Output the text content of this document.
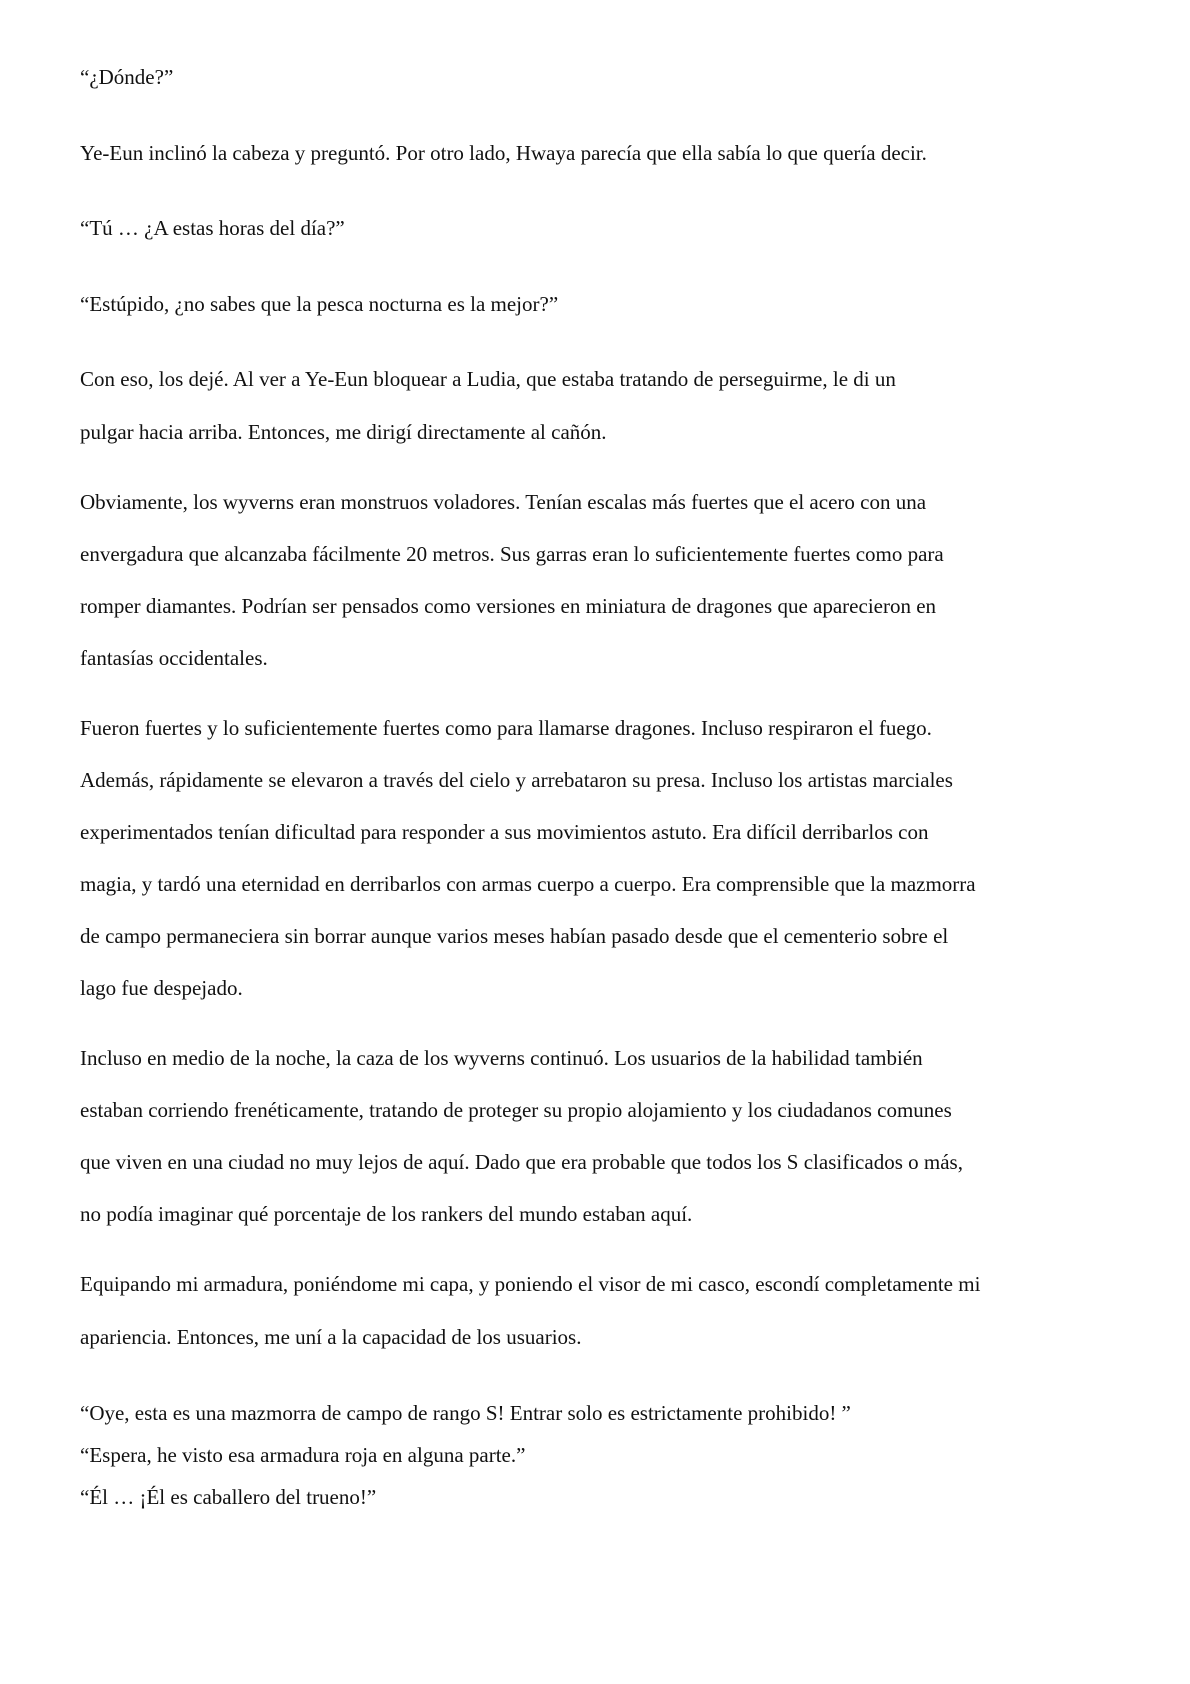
“¿Dónde?”
Ye-Eun inclinó la cabeza y preguntó. Por otro lado, Hwaya parecía que ella sabía lo que quería decir.
“Tú … ¿A estas horas del día?”
“Estúpido, ¿no sabes que la pesca nocturna es la mejor?”
Con eso, los dejé. Al ver a Ye-Eun bloquear a Ludia, que estaba tratando de perseguirme, le di un
pulgar hacia arriba. Entonces, me dirigí directamente al cañón.
Obviamente, los wyverns eran monstruos voladores. Tenían escalas más fuertes que el acero con una
envergadura que alcanzaba fácilmente 20 metros. Sus garras eran lo suficientemente fuertes como para
romper diamantes. Podrían ser pensados como versiones en miniatura de dragones que aparecieron en
fantasías occidentales.
Fueron fuertes y lo suficientemente fuertes como para llamarse dragones. Incluso respiraron el fuego.
Además, rápidamente se elevaron a través del cielo y arrebataron su presa. Incluso los artistas marciales
experimentados tenían dificultad para responder a sus movimientos astuto. Era difícil derribarlos con
magia, y tardó una eternidad en derribarlos con armas cuerpo a cuerpo. Era comprensible que la mazmorra
de campo permaneciera sin borrar aunque varios meses habían pasado desde que el cementerio sobre el
lago fue despejado.
Incluso en medio de la noche, la caza de los wyverns continuó. Los usuarios de la habilidad también
estaban corriendo frenéticamente, tratando de proteger su propio alojamiento y los ciudadanos comunes
que viven en una ciudad no muy lejos de aquí. Dado que era probable que todos los S clasificados o más,
no podía imaginar qué porcentaje de los rankers del mundo estaban aquí.
Equipando mi armadura, poniéndome mi capa, y poniendo el visor de mi casco, escondí completamente mi
apariencia. Entonces, me uní a la capacidad de los usuarios.
“Oye, esta es una mazmorra de campo de rango S! Entrar solo es estrictamente prohibido! ”
“Espera, he visto esa armadura roja en alguna parte.”
“Él … ¡Él es caballero del trueno!”
